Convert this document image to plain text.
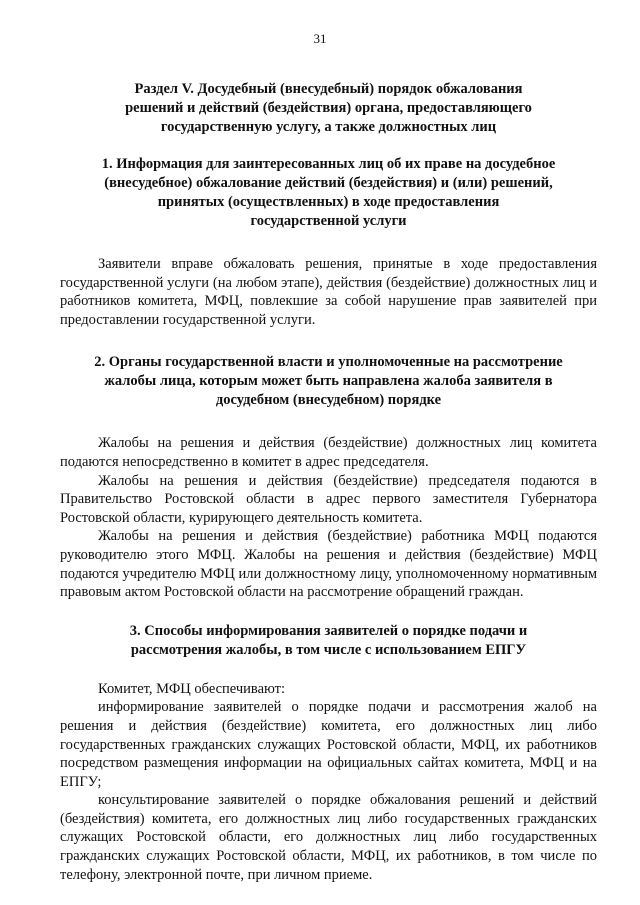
31
Раздел V. Досудебный (внесудебный) порядок обжалования
решений и действий (бездействия) органа, предоставляющего
государственную услугу, а также должностных лиц
1. Информация для заинтересованных лиц об их праве на досудебное
(внесудебное) обжалование действий (бездействия) и (или) решений,
принятых (осуществленных) в ходе предоставления
государственной услуги

Заявители вправе обжаловать решения, принятые в ходе предоставления государственной услуги (на любом этапе), действия (бездействие) должностных лиц и работников комитета, МФЦ, повлекшие за собой нарушение прав заявителей при предоставлении государственной услуги.

2. Органы государственной власти и уполномоченные на рассмотрение
жалобы лица, которым может быть направлена жалоба заявителя в
досудебном (внесудебном) порядке

Жалобы на решения и действия (бездействие) должностных лиц комитета подаются непосредственно в комитет в адрес председателя.

Жалобы на решения и действия (бездействие) председателя подаются в Правительство Ростовской области в адрес первого заместителя Губернатора Ростовской области, курирующего деятельность комитета.

Жалобы на решения и действия (бездействие) работника МФЦ подаются руководителю этого МФЦ. Жалобы на решения и действия (бездействие) МФЦ подаются учредителю МФЦ или должностному лицу, уполномоченному нормативным правовым актом Ростовской области на рассмотрение обращений граждан.

3. Способы информирования заявителей о порядке подачи и
рассмотрения жалобы, в том числе с использованием ЕПГУ

Комитет, МФЦ обеспечивают:

информирование заявителей о порядке подачи и рассмотрения жалоб на решения и действия (бездействие) комитета, его должностных лиц либо государственных гражданских служащих Ростовской области, МФЦ, их работников посредством размещения информации на официальных сайтах комитета, МФЦ и на ЕПГУ;

консультирование заявителей о порядке обжалования решений и действий (бездействия) комитета, его должностных лиц либо государственных гражданских служащих Ростовской области, его должностных лиц либо государственных гражданских служащих Ростовской области, МФЦ, их работников, в том числе по телефону, электронной почте, при личном приеме.
